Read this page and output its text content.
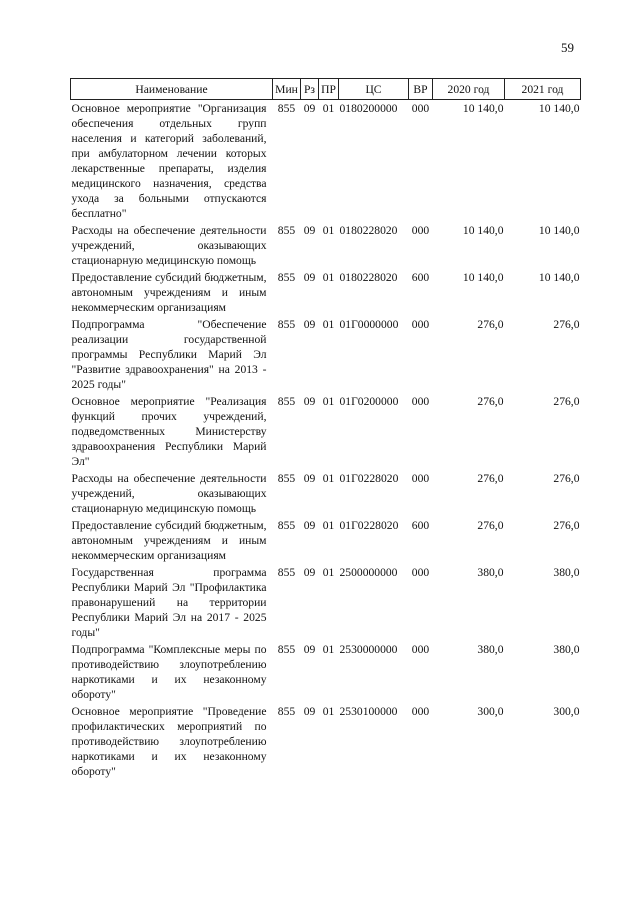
59
Наименование	Мин	Рз	ПР	ЦС	ВР	2020 год	2021 год
Основное мероприятие "Организация обеспечения отдельных групп населения и категорий заболеваний, при амбулаторном лечении которых лекарственные препараты, изделия медицинского назначения, средства ухода за больными отпускаются бесплатно"	855	09	01	0180200000	000	10 140,0	10 140,0
Расходы на обеспечение деятельности учреждений, оказывающих стационарную медицинскую помощь	855	09	01	0180228020	000	10 140,0	10 140,0
Предоставление субсидий бюджетным, автономным учреждениям и иным некоммерческим организациям	855	09	01	0180228020	600	10 140,0	10 140,0
Подпрограмма "Обеспечение реализации государственной программы Республики Марий Эл "Развитие здравоохранения" на 2013 - 2025 годы"	855	09	01	01Г0000000	000	276,0	276,0
Основное мероприятие "Реализация функций прочих учреждений, подведомственных Министерству здравоохранения Республики Марий Эл"	855	09	01	01Г0200000	000	276,0	276,0
Расходы на обеспечение деятельности учреждений, оказывающих стационарную медицинскую помощь	855	09	01	01Г0228020	000	276,0	276,0
Предоставление субсидий бюджетным, автономным учреждениям и иным некоммерческим организациям	855	09	01	01Г0228020	600	276,0	276,0
Государственная программа Республики Марий Эл "Профилактика правонарушений на территории Республики Марий Эл на 2017 - 2025 годы"	855	09	01	2500000000	000	380,0	380,0
Подпрограмма "Комплексные меры по противодействию злоупотреблению наркотиками и их незаконному обороту"	855	09	01	2530000000	000	380,0	380,0
Основное мероприятие "Проведение профилактических мероприятий по противодействию злоупотреблению наркотиками и их незаконному обороту"	855	09	01	2530100000	000	300,0	300,0
